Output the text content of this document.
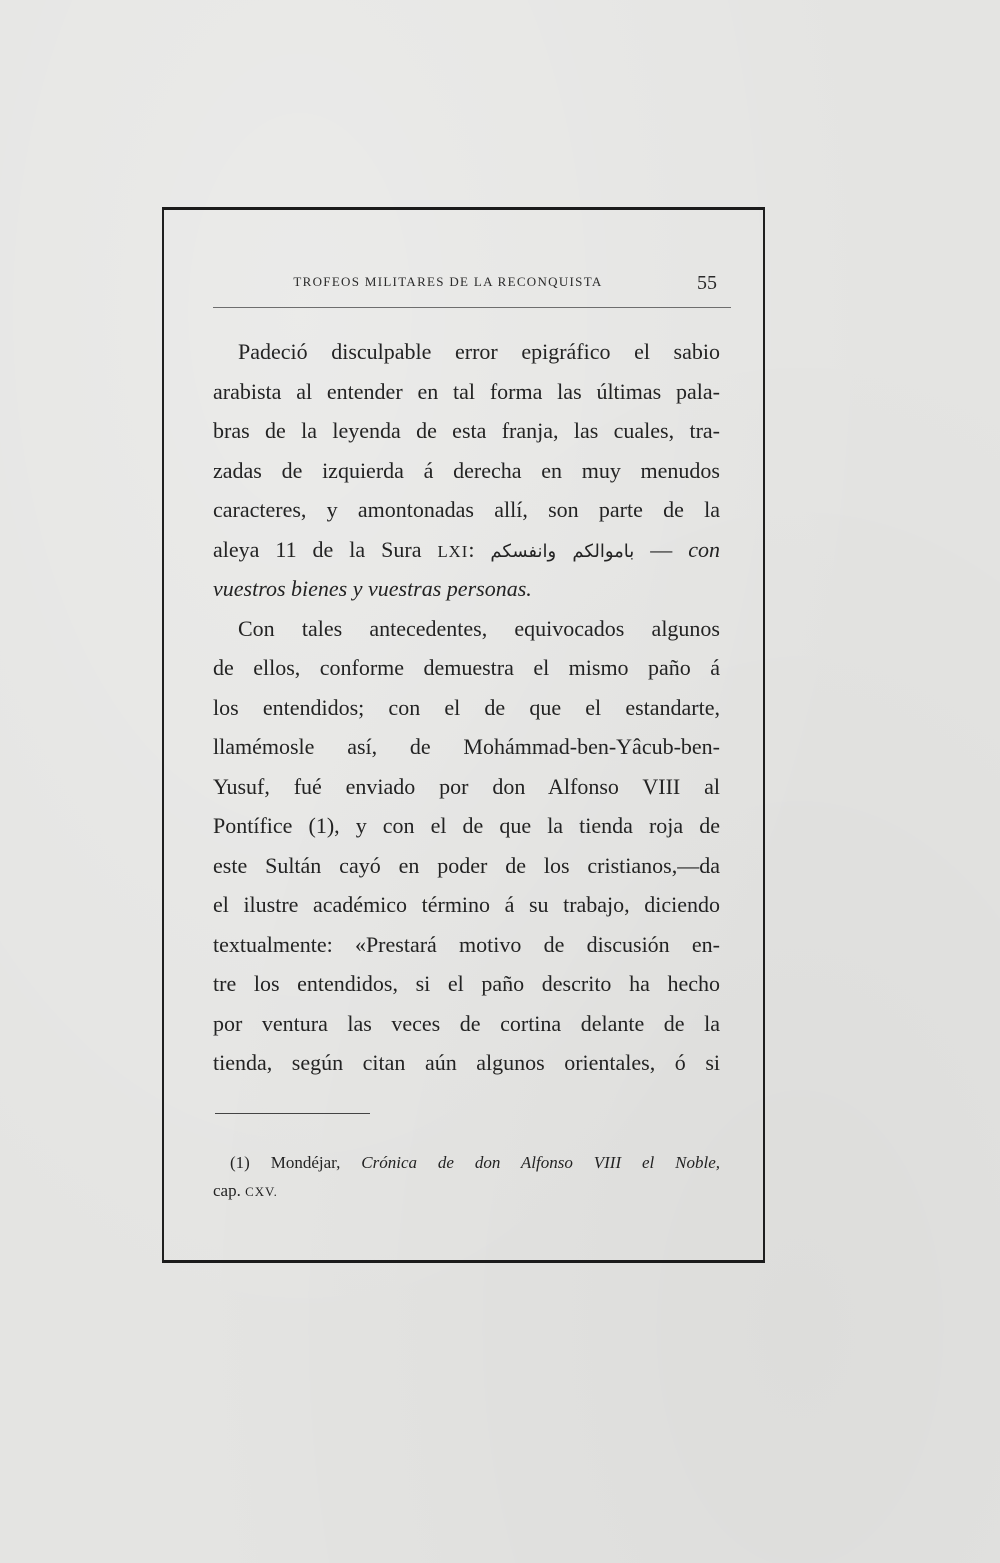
TROFEOS MILITARES DE LA RECONQUISTA	55
Padeció disculpable error epigráfico el sabio
arabista al entender en tal forma las últimas pala-
bras de la leyenda de esta franja, las cuales, tra-
zadas de izquierda á derecha en muy menudos
caracteres, y amontonadas allí, son parte de la
aleya 11 de la Sura LXI: باموالكم وانفسكم — con
vuestros bienes y vuestras personas.
Con tales antecedentes, equivocados algunos
de ellos, conforme demuestra el mismo paño á
los entendidos; con el de que el estandarte,
llamémosle así, de Mohámmad-ben-Yâcub-ben-
Yusuf, fué enviado por don Alfonso VIII al
Pontífice (1), y con el de que la tienda roja de
este Sultán cayó en poder de los cristianos,—da
el ilustre académico término á su trabajo, diciendo
textualmente: «Prestará motivo de discusión en-
tre los entendidos, si el paño descrito ha hecho
por ventura las veces de cortina delante de la
tienda, según citan aún algunos orientales, ó si
(1) Mondéjar, Crónica de don Alfonso VIII el Noble,
cap. CXV.
